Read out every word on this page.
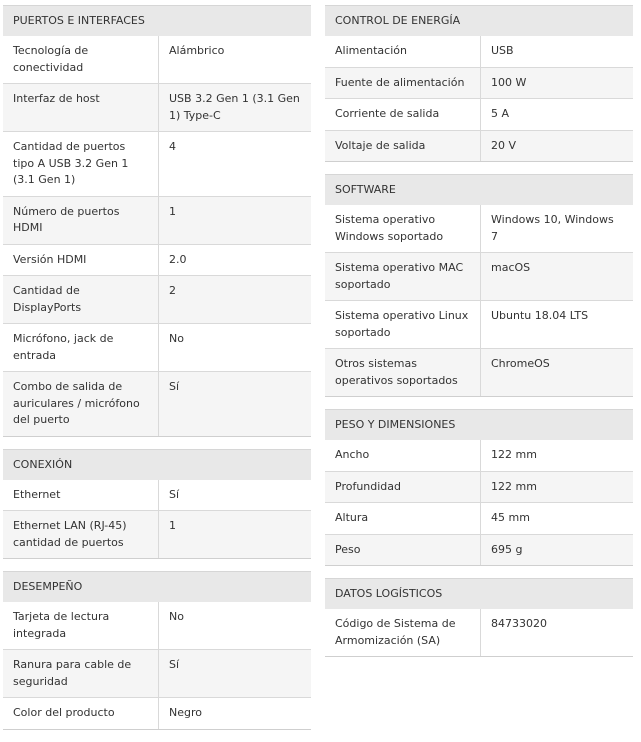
PUERTOS E INTERFACES
Tecnología de conectividad	Alámbrico
Interfaz de host	USB 3.2 Gen 1 (3.1 Gen 1) Type-C
Cantidad de puertos tipo A USB 3.2 Gen 1 (3.1 Gen 1)	4
Número de puertos HDMI	1
Versión HDMI	2.0
Cantidad de DisplayPorts	2
Micrófono, jack de entrada	No
Combo de salida de auriculares / micrófono del puerto	Sí
CONEXIÓN
Ethernet	Sí
Ethernet LAN (RJ-45) cantidad de puertos	1
DESEMPEÑO
Tarjeta de lectura integrada	No
Ranura para cable de seguridad	Sí
Color del producto	Negro
CONTROL DE ENERGÍA
Alimentación	USB
Fuente de alimentación	100 W
Corriente de salida	5 A
Voltaje de salida	20 V
SOFTWARE
Sistema operativo Windows soportado	Windows 10, Windows 7
Sistema operativo MAC soportado	macOS
Sistema operativo Linux soportado	Ubuntu 18.04 LTS
Otros sistemas operativos soportados	ChromeOS
PESO Y DIMENSIONES
Ancho	122 mm
Profundidad	122 mm
Altura	45 mm
Peso	695 g
DATOS LOGÍSTICOS
Código de Sistema de Armomización (SA)	84733020
